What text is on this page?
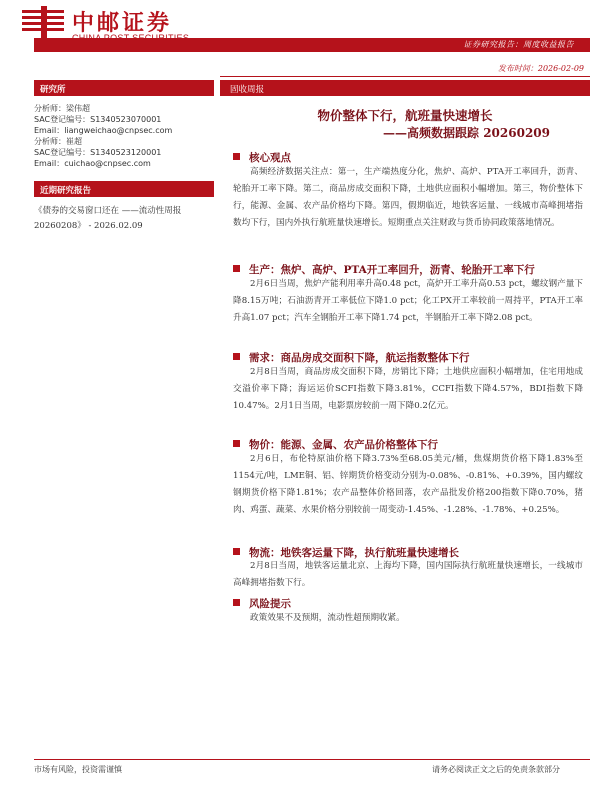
中邮证券
证券研究报告：周度收益报告
发布时间：2026-02-09
研究所
分析师：梁伟超
SAC登记编号：S1340523070001
Email：liangweichao@cnpsec.com
分析师：崔超
SAC登记编号：S1340523120001
Email：cuichao@cnpsec.com
近期研究报告
《债券的交易窗口还在 ——流动性周报 20260208》 - 2026.02.09
固收周报
物价整体下行，航班量快速增长
——高频数据跟踪 20260209
核心观点
高频经济数据关注点：第一，生产端热度分化，焦炉、高炉、PTA开工率回升，沥青、轮胎开工率下降。第二，商品房成交面积下降，土地供应面积小幅增加。第三，物价整体下行，能源、金属、农产品价格均下降。第四，假期临近，地铁客运量、一线城市高峰拥堵指数均下行，国内外执行航班量快速增长。短期重点关注财政与货币协同政策落地情况。
生产：焦炉、高炉、PTA开工率回升，沥青、轮胎开工率下行
2月6日当周，焦炉产能利用率升高0.48 pct，高炉开工率升高0.53 pct，螺纹钢产量下降8.15万吨；石油沥青开工率低位下降1.0 pct；化工PX开工率较前一周持平，PTA开工率升高1.07 pct；汽车全钢胎开工率下降1.74 pct，半钢胎开工率下降2.08 pct。
需求：商品房成交面积下降，航运指数整体下行
2月8日当周，商品房成交面积下降，房销比下降；土地供应面积小幅增加，住宅用地成交溢价率下降；海运运价SCFI指数下降3.81%，CCFI指数下降4.57%，BDI指数下降10.47%。2月1日当周，电影票房较前一周下降0.2亿元。
物价：能源、金属、农产品价格整体下行
2月6日，布伦特原油价格下降3.73%至68.05美元/桶，焦煤期货价格下降1.83%至1154元/吨，LME铜、铝、锌期货价格变动分别为-0.08%、-0.81%、+0.39%，国内螺纹钢期货价格下降1.81%；农产品整体价格回落，农产品批发价格200指数下降0.70%，猪肉、鸡蛋、蔬菜、水果价格分别较前一周变动-1.45%、-1.28%、-1.78%、+0.25%。
物流：地铁客运量下降，执行航班量快速增长
2月8日当周，地铁客运量北京、上海均下降，国内国际执行航班量快速增长，一线城市高峰拥堵指数下行。
风险提示
政策效果不及预期，流动性超预期收紧。
市场有风险，投资需谨慎	请务必阅读正文之后的免责条款部分
